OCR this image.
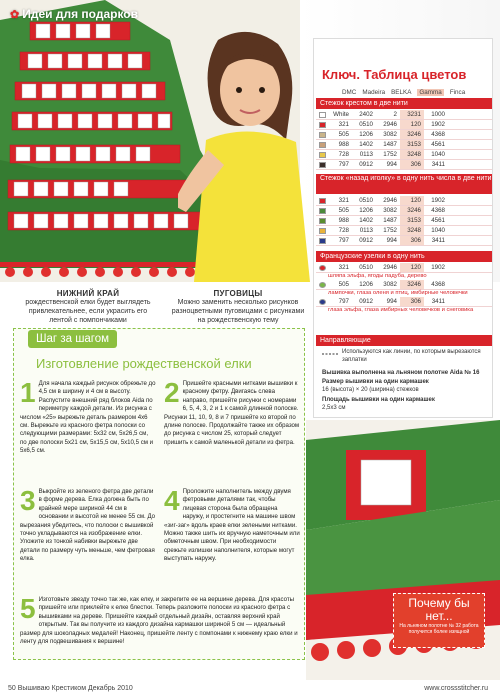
✿ Идеи для подарков
Ключ. Таблица цветов
DMC Madeira BELKA	Gamma	Finca
Стежок крестом в две нити
White	2402	2	3231	1000
321	0510	2946	120	1902
505	1206	3082	3246	4368
988	1402	1487	3153	4561
728	0113	1752	3248	1040
797	0912	994	306	3411
Стежок «назад иголку» в одну нить числа в две нити
321	0510	2946	120	1902
505	1206	3082	3246	4368
988	1402	1487	3153	4561
728	0113	1752	3248	1040
797	0912	994	306	3411
Французские узелки в одну нить
321	0510	2946	120	1902
шляпа эльфа, ягоды падуба, дерево
505	1206	3082	3246	4368
лампочки, глаза оленя и птиц, имбирные человечки
797	0912	994	306	3411
глаза эльфа, глаза имбирных человечков и снеговика
Направляющие
Используются как линии, по которым вырезаются заплатки
Вышивка выполнена на льняном полотне Aida № 16
Размер вышивки на один кармашек
16 (высота) × 20 (ширина) стежков
Площадь вышивки на один кармашек
2,5х3 см
НИЖНИЙ КРАЙ
рождественской елки будет выглядеть привлекательнее, если украсить его лентой с помпончиками
ПУГОВИЦЫ
Можно заменить несколько рисунков разноцветными пуговицами с рисунками на рождественскую тему
Шаг за шагом
Изготовление рождественской елки
1 Для начала каждый рисунок обрежьте до 4,5 см в ширину и 4 см в высоту. Распустите внешний ряд блоков Aida по периметру каждой детали. Из рисунка с числом «25» вырежьте деталь размером 4х6 см. Вырежьте из красного фетра полоски со следующими размерами: 5х32 см, 5х26,5 см, по две полоски 5х21 см, 5х15,5 см, 5х10,5 см и 5х6,5 см.
2 Пришейте красными нитками вышивки к красному фетру. Двигаясь слева направо, пришейте рисунки с номерами 6, 5, 4, 3, 2 и 1 к самой длинной полоске. Рисунки 11, 10, 9, 8 и 7 пришейте ко второй по длине полоске. Продолжайте также их образом до рисунка с числом 25, который следует пришить к самой маленькой детали из фетра.
3 Выкройте из зеленого фетра две детали в форме дерева. Елка должна быть по крайней мере шириной 44 см в основании и высотой не менее 55 см. До вырезания убедитесь, что полоски с вышивкой точно укладываются на изображение елки. Уложите из тонкой набивки вырежьте две детали по размеру чуть меньше, чем фетровая елка.
4 Проложите наполнитель между двумя фетровыми деталями так, чтобы лицевая сторона была обращена наружу, и простегните на машине швом «зиг-заг» вдоль краев елки зелеными нитками. Можно также шить их вручную наметочным или обметочным швом. При необходимости срежьте излишки наполнителя, которые могут выступать наружу.
5 Изготовьте звезду точно так же, как елку, и закрепите ее на вершине дерева. Для красоты пришейте или приклейте к елке блестки. Теперь разложите полоски из красного фетра с вышивками на дереве. Пришейте каждый отдельный дизайн, оставляя верхний край открытым. Так вы получите из каждого дизайна кармашки шириной 5 см — идеальный размер для шоколадных медалей! Наконец, пришейте ленту с помпонами к нижнему краю елки и ленту для подвешивания к вершине!
Почему бы нет...
На льняном полотне № 32 работа получится более изящной
50 Вышиваю Крестиком Декабрь 2010	www.crossstitcher.ru
